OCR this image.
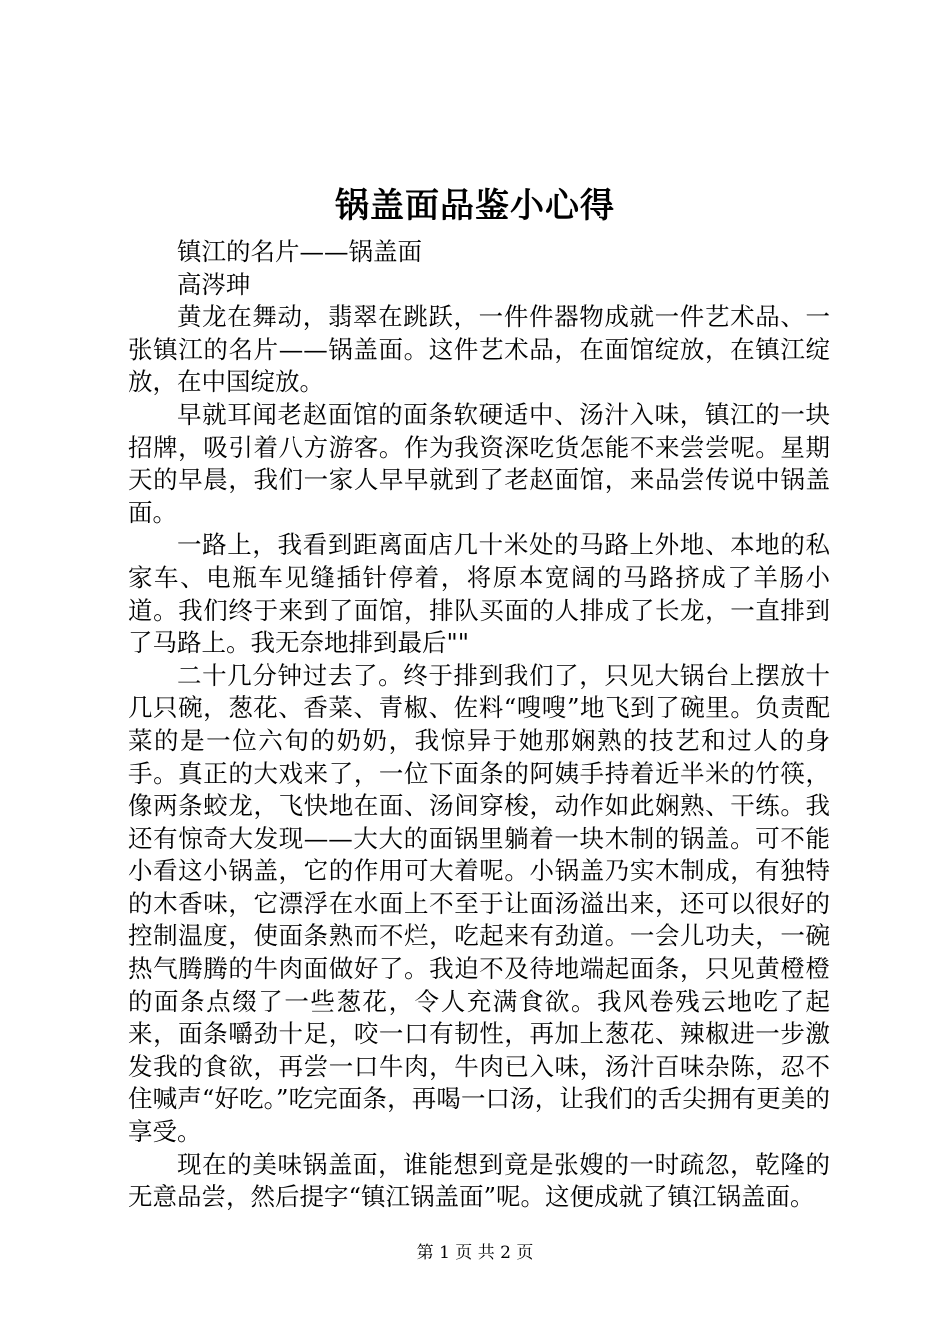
锅盖面品鉴小心得

镇江的名片——锅盖面

高涔珅

黄龙在舞动，翡翠在跳跃，一件件器物成就一件艺术品、一张镇江的名片——锅盖面。这件艺术品，在面馆绽放，在镇江绽放，在中国绽放。

早就耳闻老赵面馆的面条软硬适中、汤汁入味，镇江的一块招牌，吸引着八方游客。作为我资深吃货怎能不来尝尝呢。星期天的早晨，我们一家人早早就到了老赵面馆，来品尝传说中锅盖面。

一路上，我看到距离面店几十米处的马路上外地、本地的私家车、电瓶车见缝插针停着，将原本宽阔的马路挤成了羊肠小道。我们终于来到了面馆，排队买面的人排成了长龙，一直排到了马路上。我无奈地排到最后""

二十几分钟过去了。终于排到我们了，只见大锅台上摆放十几只碗，葱花、香菜、青椒、佐料“嗖嗖”地飞到了碗里。负责配菜的是一位六旬的奶奶，我惊异于她那娴熟的技艺和过人的身手。真正的大戏来了，一位下面条的阿姨手持着近半米的竹筷，像两条蛟龙，飞快地在面、汤间穿梭，动作如此娴熟、干练。我还有惊奇大发现——大大的面锅里躺着一块木制的锅盖。可不能小看这小锅盖，它的作用可大着呢。小锅盖乃实木制成，有独特的木香味，它漂浮在水面上不至于让面汤溢出来，还可以很好的控制温度，使面条熟而不烂，吃起来有劲道。一会儿功夫，一碗热气腾腾的牛肉面做好了。我迫不及待地端起面条，只见黄橙橙的面条点缀了一些葱花，令人充满食欲。我风卷残云地吃了起来，面条嚼劲十足，咬一口有韧性，再加上葱花、辣椒进一步激发我的食欲，再尝一口牛肉，牛肉已入味，汤汁百味杂陈，忍不住喊声“好吃。”吃完面条，再喝一口汤，让我们的舌尖拥有更美的享受。

现在的美味锅盖面，谁能想到竟是张嫂的一时疏忽，乾隆的无意品尝，然后提字“镇江锅盖面”呢。这便成就了镇江锅盖面。

第 1 页 共 2 页
